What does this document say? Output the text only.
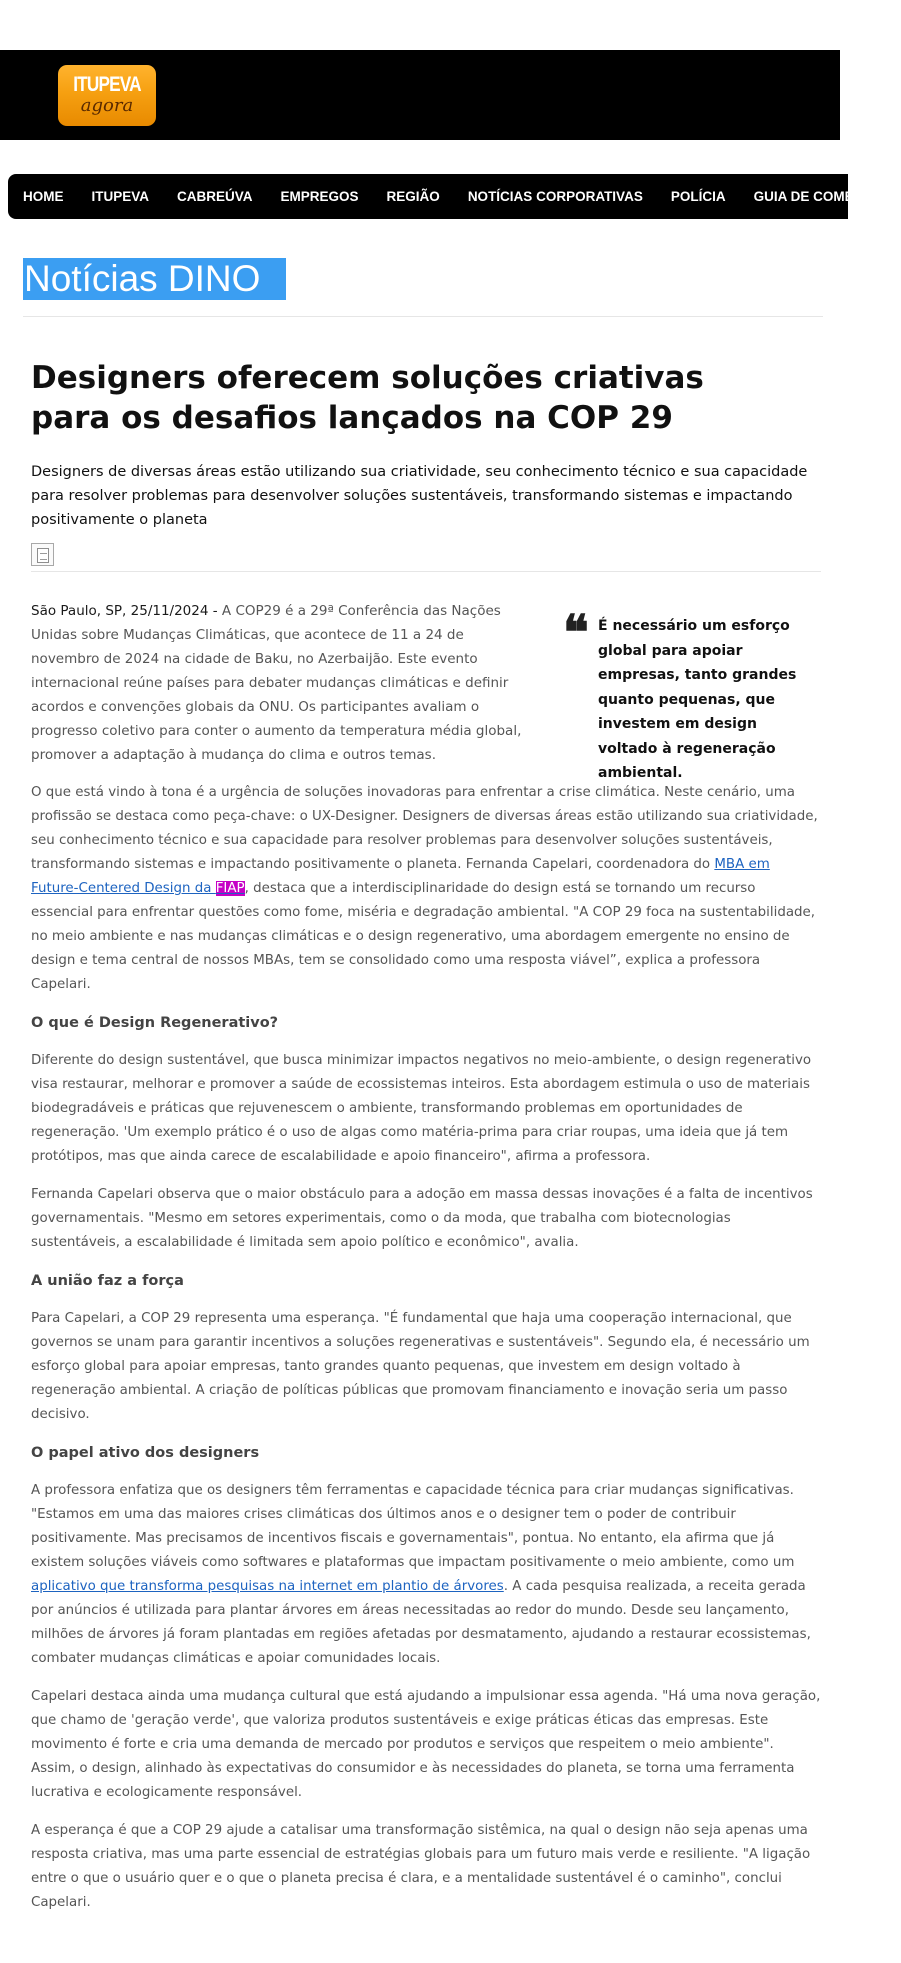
ITUPEVA
agora
HOME	ITUPEVA	CABREÚVA	EMPREGOS	REGIÃO	NOTÍCIAS CORPORATIVAS	POLÍCIA	GUIA DE COMÉRCIO
Notícias DINO
Designers oferecem soluções criativas para os desafios lançados na COP 29

Designers de diversas áreas estão utilizando sua criatividade, seu conhecimento técnico e sua capacidade para resolver problemas para desenvolver soluções sustentáveis, transformando sistemas e impactando positivamente o planeta

São Paulo, SP, 25/11/2024 - A COP29 é a 29ª Conferência das Nações Unidas sobre Mudanças Climáticas, que acontece de 11 a 24 de novembro de 2024 na cidade de Baku, no Azerbaijão. Este evento internacional reúne países para debater mudanças climáticas e definir acordos e convenções globais da ONU. Os participantes avaliam o progresso coletivo para conter o aumento da temperatura média global, promover a adaptação à mudança do clima e outros temas.

❝ É necessário um esforço global para apoiar empresas, tanto grandes quanto pequenas, que investem em design voltado à regeneração ambiental.

O que está vindo à tona é a urgência de soluções inovadoras para enfrentar a crise climática. Neste cenário, uma profissão se destaca como peça-chave: o UX-Designer. Designers de diversas áreas estão utilizando sua criatividade, seu conhecimento técnico e sua capacidade para resolver problemas para desenvolver soluções sustentáveis, transformando sistemas e impactando positivamente o planeta. Fernanda Capelari, coordenadora do MBA em Future-Centered Design da FIAP, destaca que a interdisciplinaridade do design está se tornando um recurso essencial para enfrentar questões como fome, miséria e degradação ambiental. "A COP 29 foca na sustentabilidade, no meio ambiente e nas mudanças climáticas e o design regenerativo, uma abordagem emergente no ensino de design e tema central de nossos MBAs, tem se consolidado como uma resposta viável”, explica a professora Capelari.

O que é Design Regenerativo?

Diferente do design sustentável, que busca minimizar impactos negativos no meio-ambiente, o design regenerativo visa restaurar, melhorar e promover a saúde de ecossistemas inteiros. Esta abordagem estimula o uso de materiais biodegradáveis e práticas que rejuvenescem o ambiente, transformando problemas em oportunidades de regeneração. 'Um exemplo prático é o uso de algas como matéria-prima para criar roupas, uma ideia que já tem protótipos, mas que ainda carece de escalabilidade e apoio financeiro", afirma a professora.

Fernanda Capelari observa que o maior obstáculo para a adoção em massa dessas inovações é a falta de incentivos governamentais. "Mesmo em setores experimentais, como o da moda, que trabalha com biotecnologias sustentáveis, a escalabilidade é limitada sem apoio político e econômico", avalia.

A união faz a força

Para Capelari, a COP 29 representa uma esperança. "É fundamental que haja uma cooperação internacional, que governos se unam para garantir incentivos a soluções regenerativas e sustentáveis". Segundo ela, é necessário um esforço global para apoiar empresas, tanto grandes quanto pequenas, que investem em design voltado à regeneração ambiental. A criação de políticas públicas que promovam financiamento e inovação seria um passo decisivo.

O papel ativo dos designers

A professora enfatiza que os designers têm ferramentas e capacidade técnica para criar mudanças significativas. "Estamos em uma das maiores crises climáticas dos últimos anos e o designer tem o poder de contribuir positivamente. Mas precisamos de incentivos fiscais e governamentais", pontua. No entanto, ela afirma que já existem soluções viáveis como softwares e plataformas que impactam positivamente o meio ambiente, como um aplicativo que transforma pesquisas na internet em plantio de árvores. A cada pesquisa realizada, a receita gerada por anúncios é utilizada para plantar árvores em áreas necessitadas ao redor do mundo. Desde seu lançamento, milhões de árvores já foram plantadas em regiões afetadas por desmatamento, ajudando a restaurar ecossistemas, combater mudanças climáticas e apoiar comunidades locais.

Capelari destaca ainda uma mudança cultural que está ajudando a impulsionar essa agenda. "Há uma nova geração, que chamo de 'geração verde', que valoriza produtos sustentáveis e exige práticas éticas das empresas. Este movimento é forte e cria uma demanda de mercado por produtos e serviços que respeitem o meio ambiente". Assim, o design, alinhado às expectativas do consumidor e às necessidades do planeta, se torna uma ferramenta lucrativa e ecologicamente responsável.

A esperança é que a COP 29 ajude a catalisar uma transformação sistêmica, na qual o design não seja apenas uma resposta criativa, mas uma parte essencial de estratégias globais para um futuro mais verde e resiliente. "A ligação entre o que o usuário quer e o que o planeta precisa é clara, e a mentalidade sustentável é o caminho", conclui Capelari.
